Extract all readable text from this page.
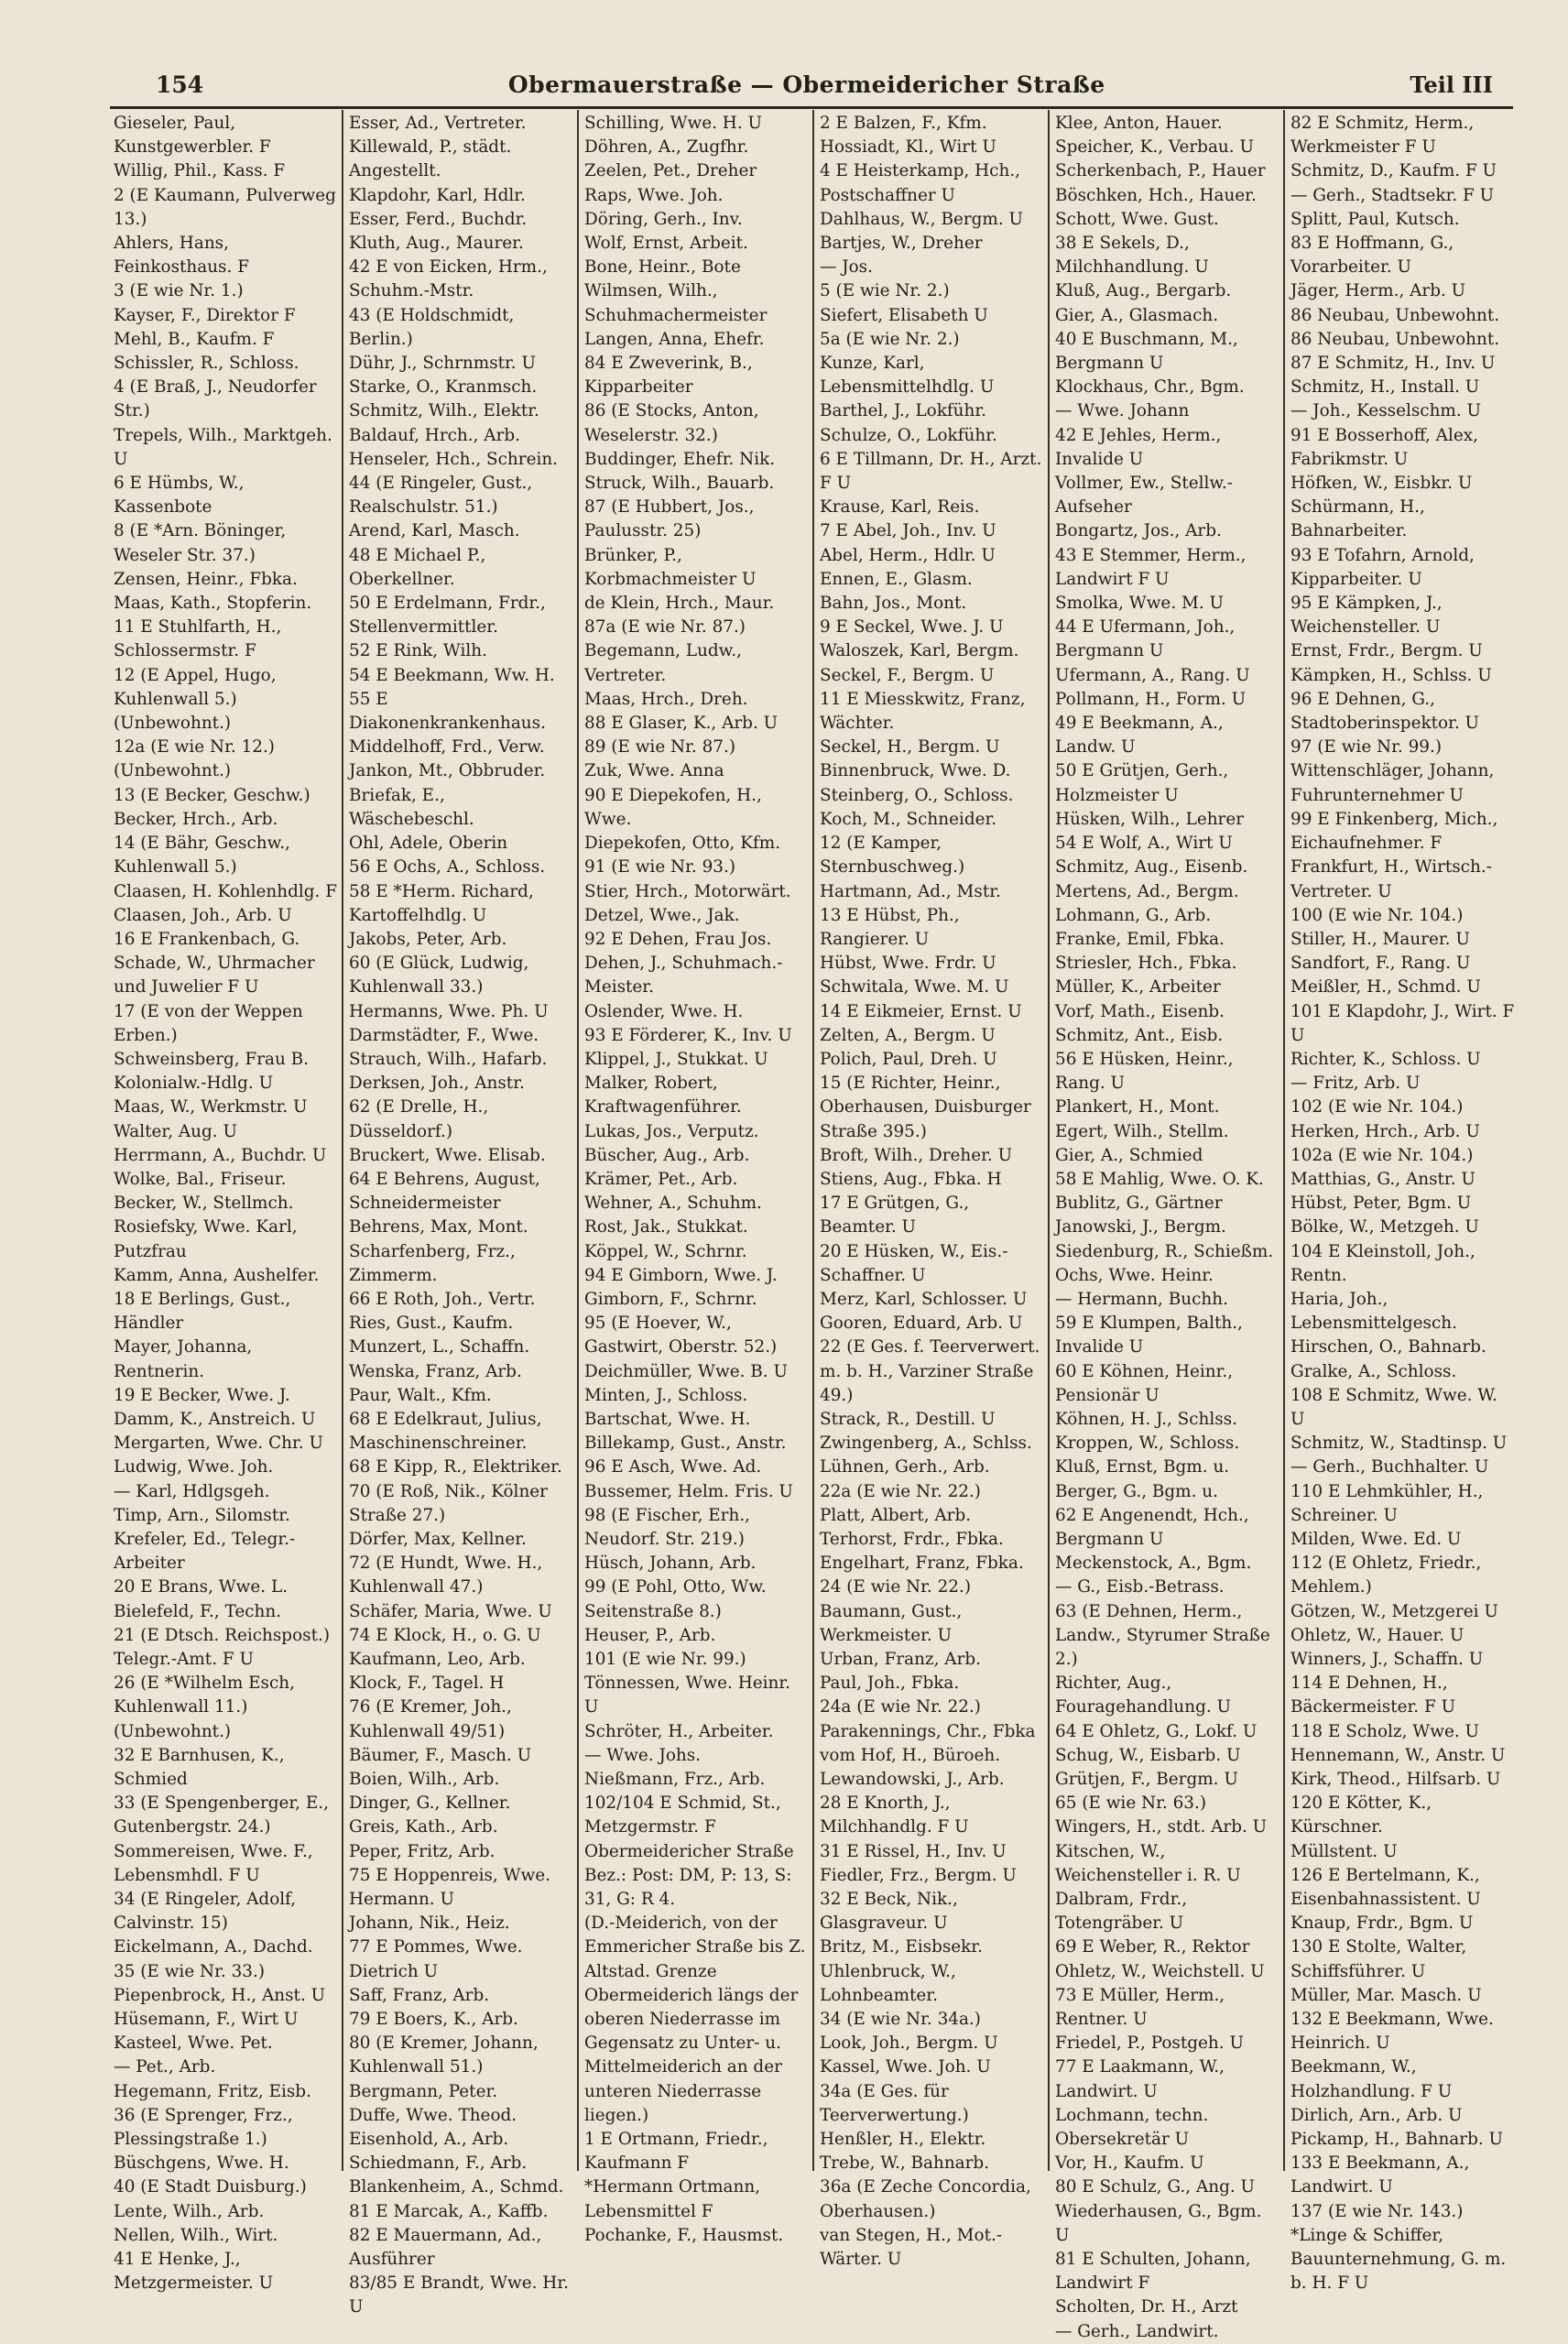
154	Obermauerstraße — Obermeidericher Straße	Teil III
Gieseler, Paul, Kunstgewerbler. F
Willig, Phil., Kass. F
2 (E Kaumann, Pulverweg 13.)
Ahlers, Hans, Feinkosthaus. F
3 (E wie Nr. 1.)
Kayser, F., Direktor F
Mehl, B., Kaufm. F
Schissler, R., Schloss.
4 (E Braß, J., Neudorfer Str.)
Trepels, Wilh., Marktgeh. U
6 E Hümbs, W., Kassenbote
8 (E *Arn. Böninger, Weseler Str. 37.)
Zensen, Heinr., Fbka.
Maas, Kath., Stopferin.
11 E Stuhlfarth, H., Schlossermstr. F
12 (E Appel, Hugo, Kuhlenwall 5.) (Unbewohnt.)
12a (E wie Nr. 12.) (Unbewohnt.)
13 (E Becker, Geschw.)
Becker, Hrch., Arb.
14 (E Bähr, Geschw., Kuhlenwall 5.)
Claasen, H. Kohlenhdlg. F
Claasen, Joh., Arb. U
16 E Frankenbach, G.
Schade, W., Uhrmacher und Juwelier F U
17 (E von der Weppen Erben.)
Schweinsberg, Frau B. Kolonialw.-Hdlg. U
Maas, W., Werkmstr. U
Walter, Aug. U
Herrmann, A., Buchdr. U
Wolke, Bal., Friseur.
Becker, W., Stellmch.
Rosiefsky, Wwe. Karl, Putzfrau
Kamm, Anna, Aushelfer.
18 E Berlings, Gust., Händler
Mayer, Johanna, Rentnerin.
19 E Becker, Wwe. J.
Damm, K., Anstreich. U
Mergarten, Wwe. Chr. U
Ludwig, Wwe. Joh.
— Karl, Hdlgsgeh.
Timp, Arn., Silomstr.
Krefeler, Ed., Telegr.-Arbeiter
20 E Brans, Wwe. L.
Bielefeld, F., Techn.
21 (E Dtsch. Reichspost.) Telegr.-Amt. F U
26 (E *Wilhelm Esch, Kuhlenwall 11.) (Unbewohnt.)
32 E Barnhusen, K., Schmied
33 (E Spengenberger, E., Gutenbergstr. 24.)
Sommereisen, Wwe. F., Lebensmhdl. F U
34 (E Ringeler, Adolf, Calvinstr. 15)
Eickelmann, A., Dachd.
35 (E wie Nr. 33.)
Piepenbrock, H., Anst. U
Hüsemann, F., Wirt U
Kasteel, Wwe. Pet.
— Pet., Arb.
Hegemann, Fritz, Eisb.
36 (E Sprenger, Frz., Plessingstraße 1.)
Büschgens, Wwe. H.
40 (E Stadt Duisburg.)
Lente, Wilh., Arb.
Nellen, Wilh., Wirt.
41 E Henke, J., Metzgermeister. U
Esser, Ad., Vertreter.
Killewald, P., städt. Angestellt.
Klapdohr, Karl, Hdlr.
Esser, Ferd., Buchdr.
Kluth, Aug., Maurer.
42 E von Eicken, Hrm., Schuhm.-Mstr.
43 (E Holdschmidt, Berlin.)
Dühr, J., Schrnmstr. U
Starke, O., Kranmsch.
Schmitz, Wilh., Elektr.
Baldauf, Hrch., Arb.
Henseler, Hch., Schrein.
44 (E Ringeler, Gust., Realschulstr. 51.)
Arend, Karl, Masch.
48 E Michael P., Oberkellner.
50 E Erdelmann, Frdr., Stellenvermittler.
52 E Rink, Wilh.
54 E Beekmann, Ww. H.
55 E Diakonenkrankenhaus.
Middelhoff, Frd., Verw.
Jankon, Mt., Obbruder.
Briefak, E., Wäschebeschl.
Ohl, Adele, Oberin
56 E Ochs, A., Schloss.
58 E *Herm. Richard, Kartoffelhdlg. U
Jakobs, Peter, Arb.
60 (E Glück, Ludwig, Kuhlenwall 33.)
Hermanns, Wwe. Ph. U
Darmstädter, F., Wwe.
Strauch, Wilh., Hafarb.
Derksen, Joh., Anstr.
62 (E Drelle, H., Düsseldorf.)
Bruckert, Wwe. Elisab.
64 E Behrens, August, Schneidermeister
Behrens, Max, Mont.
Scharfenberg, Frz., Zimmerm.
66 E Roth, Joh., Vertr.
Ries, Gust., Kaufm.
Munzert, L., Schaffn.
Wenska, Franz, Arb.
Paur, Walt., Kfm.
68 E Edelkraut, Julius, Maschinenschreiner.
68 E Kipp, R., Elektriker.
70 (E Roß, Nik., Kölner Straße 27.)
Dörfer, Max, Kellner.
72 (E Hundt, Wwe. H., Kuhlenwall 47.)
Schäfer, Maria, Wwe. U
74 E Klock, H., o. G. U
Kaufmann, Leo, Arb.
Klock, F., Tagel. H
76 (E Kremer, Joh., Kuhlenwall 49/51)
Bäumer, F., Masch. U
Boien, Wilh., Arb.
Dinger, G., Kellner.
Greis, Kath., Arb.
Peper, Fritz, Arb.
75 E Hoppenreis, Wwe. Hermann. U
Johann, Nik., Heiz.
77 E Pommes, Wwe. Dietrich U
Saff, Franz, Arb.
79 E Boers, K., Arb.
80 (E Kremer, Johann, Kuhlenwall 51.)
Bergmann, Peter.
Duffe, Wwe. Theod.
Eisenhold, A., Arb.
Schiedmann, F., Arb.
Blankenheim, A., Schmd.
81 E Marcak, A., Kaffb.
82 E Mauermann, Ad., Ausführer
83/85 E Brandt, Wwe. Hr. U
Schilling, Wwe. H. U
Döhren, A., Zugfhr.
Zeelen, Pet., Dreher
Raps, Wwe. Joh.
Döring, Gerh., Inv.
Wolf, Ernst, Arbeit.
Bone, Heinr., Bote
Wilmsen, Wilh., Schuhmachermeister
Langen, Anna, Ehefr.
84 E Zweverink, B., Kipparbeiter
86 (E Stocks, Anton, Weselerstr. 32.)
Buddinger, Ehefr. Nik.
Struck, Wilh., Bauarb.
87 (E Hubbert, Jos., Paulusstr. 25)
Brünker, P., Korbmachmeister U
de Klein, Hrch., Maur.
87a (E wie Nr. 87.)
Begemann, Ludw., Vertreter.
Maas, Hrch., Dreh.
88 E Glaser, K., Arb. U
89 (E wie Nr. 87.)
Zuk, Wwe. Anna
90 E Diepekofen, H., Wwe.
Diepekofen, Otto, Kfm.
91 (E wie Nr. 93.)
Stier, Hrch., Motorwärt.
Detzel, Wwe., Jak.
92 E Dehen, Frau Jos.
Dehen, J., Schuhmach.-Meister.
Oslender, Wwe. H.
93 E Förderer, K., Inv. U
Klippel, J., Stukkat. U
Malker, Robert, Kraftwagenführer.
Lukas, Jos., Verputz.
Büscher, Aug., Arb.
Krämer, Pet., Arb.
Wehner, A., Schuhm.
Rost, Jak., Stukkat.
Köppel, W., Schrnr.
94 E Gimborn, Wwe. J.
Gimborn, F., Schrnr.
95 (E Hoever, W., Gastwirt, Oberstr. 52.)
Deichmüller, Wwe. B. U
Minten, J., Schloss.
Bartschat, Wwe. H.
Billekamp, Gust., Anstr.
96 E Asch, Wwe. Ad.
Bussemer, Helm. Fris. U
98 (E Fischer, Erh., Neudorf. Str. 219.)
Hüsch, Johann, Arb.
99 (E Pohl, Otto, Ww. Seitenstraße 8.)
Heuser, P., Arb.
101 (E wie Nr. 99.)
Tönnessen, Wwe. Heinr. U
Schröter, H., Arbeiter.
— Wwe. Johs.
Nießmann, Frz., Arb.
102/104 E Schmid, St., Metzgermstr. F
Obermeidericher Straße
Bez.: Post: DM, P: 13, S: 31, G: R 4.
(D.-Meiderich, von der Emmericher Straße bis Z. Altstad. Grenze Obermeiderich längs der oberen Niederrasse im Gegensatz zu Unter- u. Mittelmeiderich an der unteren Niederrasse liegen.)
1 E Ortmann, Friedr., Kaufmann F
*Hermann Ortmann, Lebensmittel F
Pochanke, F., Hausmst.
2 E Balzen, F., Kfm.
Hossiadt, Kl., Wirt U
4 E Heisterkamp, Hch., Postschaffner U
Dahlhaus, W., Bergm. U
Bartjes, W., Dreher
— Jos.
5 (E wie Nr. 2.)
Siefert, Elisabeth U
5a (E wie Nr. 2.)
Kunze, Karl, Lebensmittelhdlg. U
Barthel, J., Lokführ.
Schulze, O., Lokführ.
6 E Tillmann, Dr. H., Arzt. F U
Krause, Karl, Reis.
7 E Abel, Joh., Inv. U
Abel, Herm., Hdlr. U
Ennen, E., Glasm.
Bahn, Jos., Mont.
9 E Seckel, Wwe. J. U
Waloszek, Karl, Bergm.
Seckel, F., Bergm. U
11 E Miesskwitz, Franz, Wächter.
Seckel, H., Bergm. U
Binnenbruck, Wwe. D.
Steinberg, O., Schloss.
Koch, M., Schneider.
12 (E Kamper, Sternbuschweg.)
Hartmann, Ad., Mstr.
13 E Hübst, Ph., Rangierer. U
Hübst, Wwe. Frdr. U
Schwitala, Wwe. M. U
14 E Eikmeier, Ernst. U
Zelten, A., Bergm. U
Polich, Paul, Dreh. U
15 (E Richter, Heinr., Oberhausen, Duisburger Straße 395.)
Broft, Wilh., Dreher. U
Stiens, Aug., Fbka. H
17 E Grütgen, G., Beamter. U
20 E Hüsken, W., Eis.-Schaffner. U
Merz, Karl, Schlosser. U
Gooren, Eduard, Arb. U
22 (E Ges. f. Teerverwert. m. b. H., Varziner Straße 49.)
Strack, R., Destill. U
Zwingenberg, A., Schlss.
Lühnen, Gerh., Arb.
22a (E wie Nr. 22.)
Platt, Albert, Arb.
Terhorst, Frdr., Fbka.
Engelhart, Franz, Fbka.
24 (E wie Nr. 22.)
Baumann, Gust., Werkmeister. U
Urban, Franz, Arb.
Paul, Joh., Fbka.
24a (E wie Nr. 22.)
Parakennings, Chr., Fbka
vom Hof, H., Büroeh.
Lewandowski, J., Arb.
28 E Knorth, J., Milchhandlg. F U
31 E Rissel, H., Inv. U
Fiedler, Frz., Bergm. U
32 E Beck, Nik., Glasgraveur. U
Britz, M., Eisbsekr.
Uhlenbruck, W., Lohnbeamter.
34 (E wie Nr. 34a.)
Look, Joh., Bergm. U
Kassel, Wwe. Joh. U
34a (E Ges. für Teerverwertung.)
Henßler, H., Elektr.
Trebe, W., Bahnarb.
36a (E Zeche Concordia, Oberhausen.)
van Stegen, H., Mot.-Wärter. U
Klee, Anton, Hauer.
Speicher, K., Verbau. U
Scherkenbach, P., Hauer
Böschken, Hch., Hauer.
Schott, Wwe. Gust.
38 E Sekels, D., Milchhandlung. U
Kluß, Aug., Bergarb.
Gier, A., Glasmach.
40 E Buschmann, M., Bergmann U
Klockhaus, Chr., Bgm.
— Wwe. Johann
42 E Jehles, Herm., Invalide U
Vollmer, Ew., Stellw.-Aufseher
Bongartz, Jos., Arb.
43 E Stemmer, Herm., Landwirt F U
Smolka, Wwe. M. U
44 E Ufermann, Joh., Bergmann U
Ufermann, A., Rang. U
Pollmann, H., Form. U
49 E Beekmann, A., Landw. U
50 E Grütjen, Gerh., Holzmeister U
Hüsken, Wilh., Lehrer
54 E Wolf, A., Wirt U
Schmitz, Aug., Eisenb.
Mertens, Ad., Bergm.
Lohmann, G., Arb.
Franke, Emil, Fbka.
Striesler, Hch., Fbka.
Müller, K., Arbeiter
Vorf, Math., Eisenb.
Schmitz, Ant., Eisb.
56 E Hüsken, Heinr., Rang. U
Plankert, H., Mont.
Egert, Wilh., Stellm.
Gier, A., Schmied
58 E Mahlig, Wwe. O. K.
Bublitz, G., Gärtner
Janowski, J., Bergm.
Siedenburg, R., Schießm.
Ochs, Wwe. Heinr.
— Hermann, Buchh.
59 E Klumpen, Balth., Invalide U
60 E Köhnen, Heinr., Pensionär U
Köhnen, H. J., Schlss.
Kroppen, W., Schloss.
Kluß, Ernst, Bgm. u.
Berger, G., Bgm. u.
62 E Angenendt, Hch., Bergmann U
Meckenstock, A., Bgm.
— G., Eisb.-Betrass.
63 (E Dehnen, Herm., Landw., Styrumer Straße 2.)
Richter, Aug., Fouragehandlung. U
64 E Ohletz, G., Lokf. U
Schug, W., Eisbarb. U
Grütjen, F., Bergm. U
65 (E wie Nr. 63.)
Wingers, H., stdt. Arb. U
Kitschen, W., Weichensteller i. R. U
Dalbram, Frdr., Totengräber. U
69 E Weber, R., Rektor
Ohletz, W., Weichstell. U
73 E Müller, Herm., Rentner. U
Friedel, P., Postgeh. U
77 E Laakmann, W., Landwirt. U
Lochmann, techn. Obersekretär U
Vor, H., Kaufm. U
80 E Schulz, G., Ang. U
Wiederhausen, G., Bgm. U
81 E Schulten, Johann, Landwirt F
Scholten, Dr. H., Arzt
— Gerh., Landwirt.
82 E Schmitz, Herm., Werkmeister F U
Schmitz, D., Kaufm. F U
— Gerh., Stadtsekr. F U
Splitt, Paul, Kutsch.
83 E Hoffmann, G., Vorarbeiter. U
Jäger, Herm., Arb. U
86 Neubau, Unbewohnt.
86 Neubau, Unbewohnt.
87 E Schmitz, H., Inv. U
Schmitz, H., Install. U
— Joh., Kesselschm. U
91 E Bosserhoff, Alex, Fabrikmstr. U
Höfken, W., Eisbkr. U
Schürmann, H., Bahnarbeiter.
93 E Tofahrn, Arnold, Kipparbeiter. U
95 E Kämpken, J., Weichensteller. U
Ernst, Frdr., Bergm. U
Kämpken, H., Schlss. U
96 E Dehnen, G., Stadtoberinspektor. U
97 (E wie Nr. 99.)
Wittenschläger, Johann, Fuhrunternehmer U
99 E Finkenberg, Mich., Eichaufnehmer. F
Frankfurt, H., Wirtsch.-Vertreter. U
100 (E wie Nr. 104.)
Stiller, H., Maurer. U
Sandfort, F., Rang. U
Meißler, H., Schmd. U
101 E Klapdohr, J., Wirt. F U
Richter, K., Schloss. U
— Fritz, Arb. U
102 (E wie Nr. 104.)
Herken, Hrch., Arb. U
102a (E wie Nr. 104.)
Matthias, G., Anstr. U
Hübst, Peter, Bgm. U
Bölke, W., Metzgeh. U
104 E Kleinstoll, Joh., Rentn.
Haria, Joh., Lebensmittelgesch.
Hirschen, O., Bahnarb.
Gralke, A., Schloss.
108 E Schmitz, Wwe. W. U
Schmitz, W., Stadtinsp. U
— Gerh., Buchhalter. U
110 E Lehmkühler, H., Schreiner. U
Milden, Wwe. Ed. U
112 (E Ohletz, Friedr., Mehlem.)
Götzen, W., Metzgerei U
Ohletz, W., Hauer. U
Winners, J., Schaffn. U
114 E Dehnen, H., Bäckermeister. F U
118 E Scholz, Wwe. U
Hennemann, W., Anstr. U
Kirk, Theod., Hilfsarb. U
120 E Kötter, K., Kürschner.
Müllstent. U
126 E Bertelmann, K., Eisenbahnassistent. U
Knaup, Frdr., Bgm. U
130 E Stolte, Walter, Schiffsführer. U
Müller, Mar. Masch. U
132 E Beekmann, Wwe. Heinrich. U
Beekmann, W., Holzhandlung. F U
Dirlich, Arn., Arb. U
Pickamp, H., Bahnarb. U
133 E Beekmann, A., Landwirt. U
137 (E wie Nr. 143.)
*Linge & Schiffer, Bauunternehmung, G. m. b. H. F U
